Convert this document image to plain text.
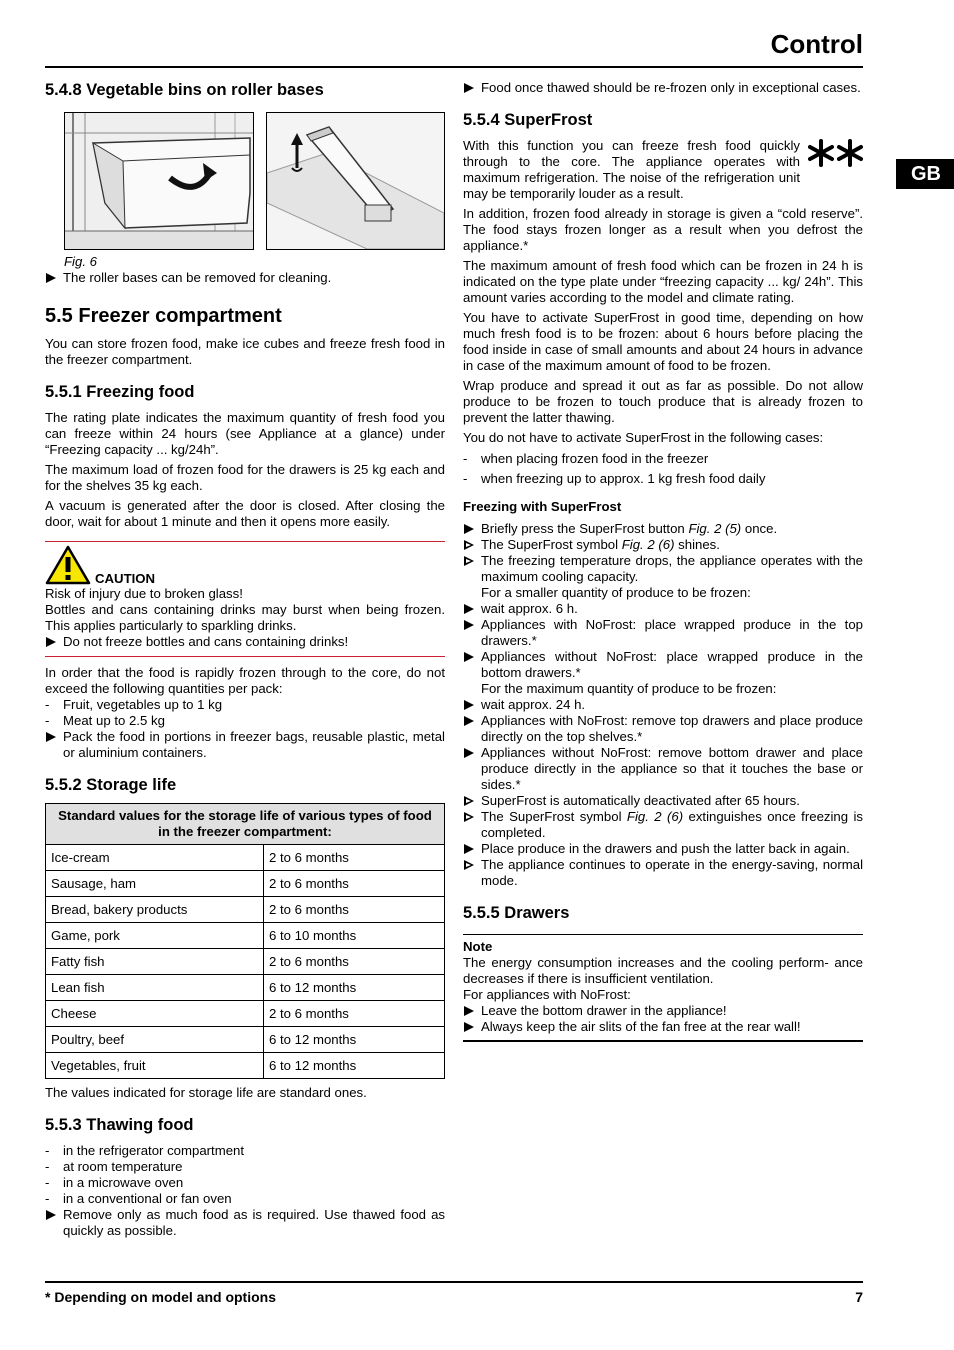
Control
GB
5.4.8 Vegetable bins on roller bases
Fig. 6
The roller bases can be removed for cleaning.
5.5 Freezer compartment

You can store frozen food, make ice cubes and freeze fresh food in the freezer compartment.

5.5.1 Freezing food

The rating plate indicates the maximum quantity of fresh food you can freeze within 24 hours (see Appliance at a glance) under “Freezing capacity ... kg/24h”.

The maximum load of frozen food for the drawers is 25 kg each and for the shelves 35 kg each.

A vacuum is generated after the door is closed. After closing the door, wait for about 1 minute and then it opens more easily.

CAUTION

Risk of injury due to broken glass!

Bottles and cans containing drinks may burst when being frozen. This applies particularly to sparkling drinks.

Do not freeze bottles and cans containing drinks!

In order that the food is rapidly frozen through to the core, do not exceed the following quantities per pack:

-	Fruit, vegetables up to 1 kg
-	Meat up to 2.5 kg
Pack the food in portions in freezer bags, reusable plastic, metal or aluminium containers.
5.5.2 Storage life
Standard values for the storage life of various types of food in the freezer compartment:	
Ice-cream	2 to 6 months
Sausage, ham	2 to 6 months
Bread, bakery products	2 to 6 months
Game, pork	6 to 10 months
Fatty fish	2 to 6 months
Lean fish	6 to 12 months
Cheese	2 to 6 months
Poultry, beef	6 to 12 months
Vegetables, fruit	6 to 12 months

The values indicated for storage life are standard ones.

5.5.3 Thawing food
-	in the refrigerator compartment
-	at room temperature
-	in a microwave oven
-	in a conventional or fan oven
Remove only as much food as is required. Use thawed food as quickly as possible.
Food once thawed should be re-frozen only in exceptional cases.
5.5.4 SuperFrost

With this function you can freeze fresh food quickly through to the core. The appliance operates with maximum refrigeration. The noise of the refrigeration unit may be temporarily louder as a result.

In addition, frozen food already in storage is given a “cold reserve”. The food stays frozen longer as a result when you defrost the appliance.*

The maximum amount of fresh food which can be frozen in 24 h is indicated on the type plate under “freezing capacity ... kg/ 24h”. This amount varies according to the model and climate rating.

You have to activate SuperFrost in good time, depending on how much fresh food is to be frozen: about 6 hours before placing the food inside in case of small amounts and about 24 hours in advance in case of the maximum amount of food to be frozen.

Wrap produce and spread it out as far as possible. Do not allow produce to be frozen to touch produce that is already frozen to prevent the latter thawing.

You do not have to activate SuperFrost in the following cases:

-	when placing frozen food in the freezer
-	when freezing up to approx. 1 kg fresh food daily
Freezing with SuperFrost
Briefly press the SuperFrost button Fig. 2 (5) once.
The SuperFrost symbol Fig. 2 (6) shines.
The freezing temperature drops, the appliance operates with the maximum cooling capacity.
For a smaller quantity of produce to be frozen:
wait approx. 6 h.
Appliances with NoFrost: place wrapped produce in the top drawers.*
Appliances without NoFrost: place wrapped produce in the bottom drawers.*
For the maximum quantity of produce to be frozen:
wait approx. 24 h.
Appliances with NoFrost: remove top drawers and place produce directly on the top shelves.*
Appliances without NoFrost: remove bottom drawer and place produce directly in the appliance so that it touches the base or sides.*
SuperFrost is automatically deactivated after 65 hours.
The SuperFrost symbol Fig. 2 (6) extinguishes once freezing is completed.
Place produce in the drawers and push the latter back in again.
The appliance continues to operate in the energy-saving, normal mode.
5.5.5 Drawers
Note

The energy consumption increases and the cooling perform- ance decreases if there is insufficient ventilation.

For appliances with NoFrost:

Leave the bottom drawer in the appliance!
Always keep the air slits of the fan free at the rear wall!
* Depending on model and options	7
